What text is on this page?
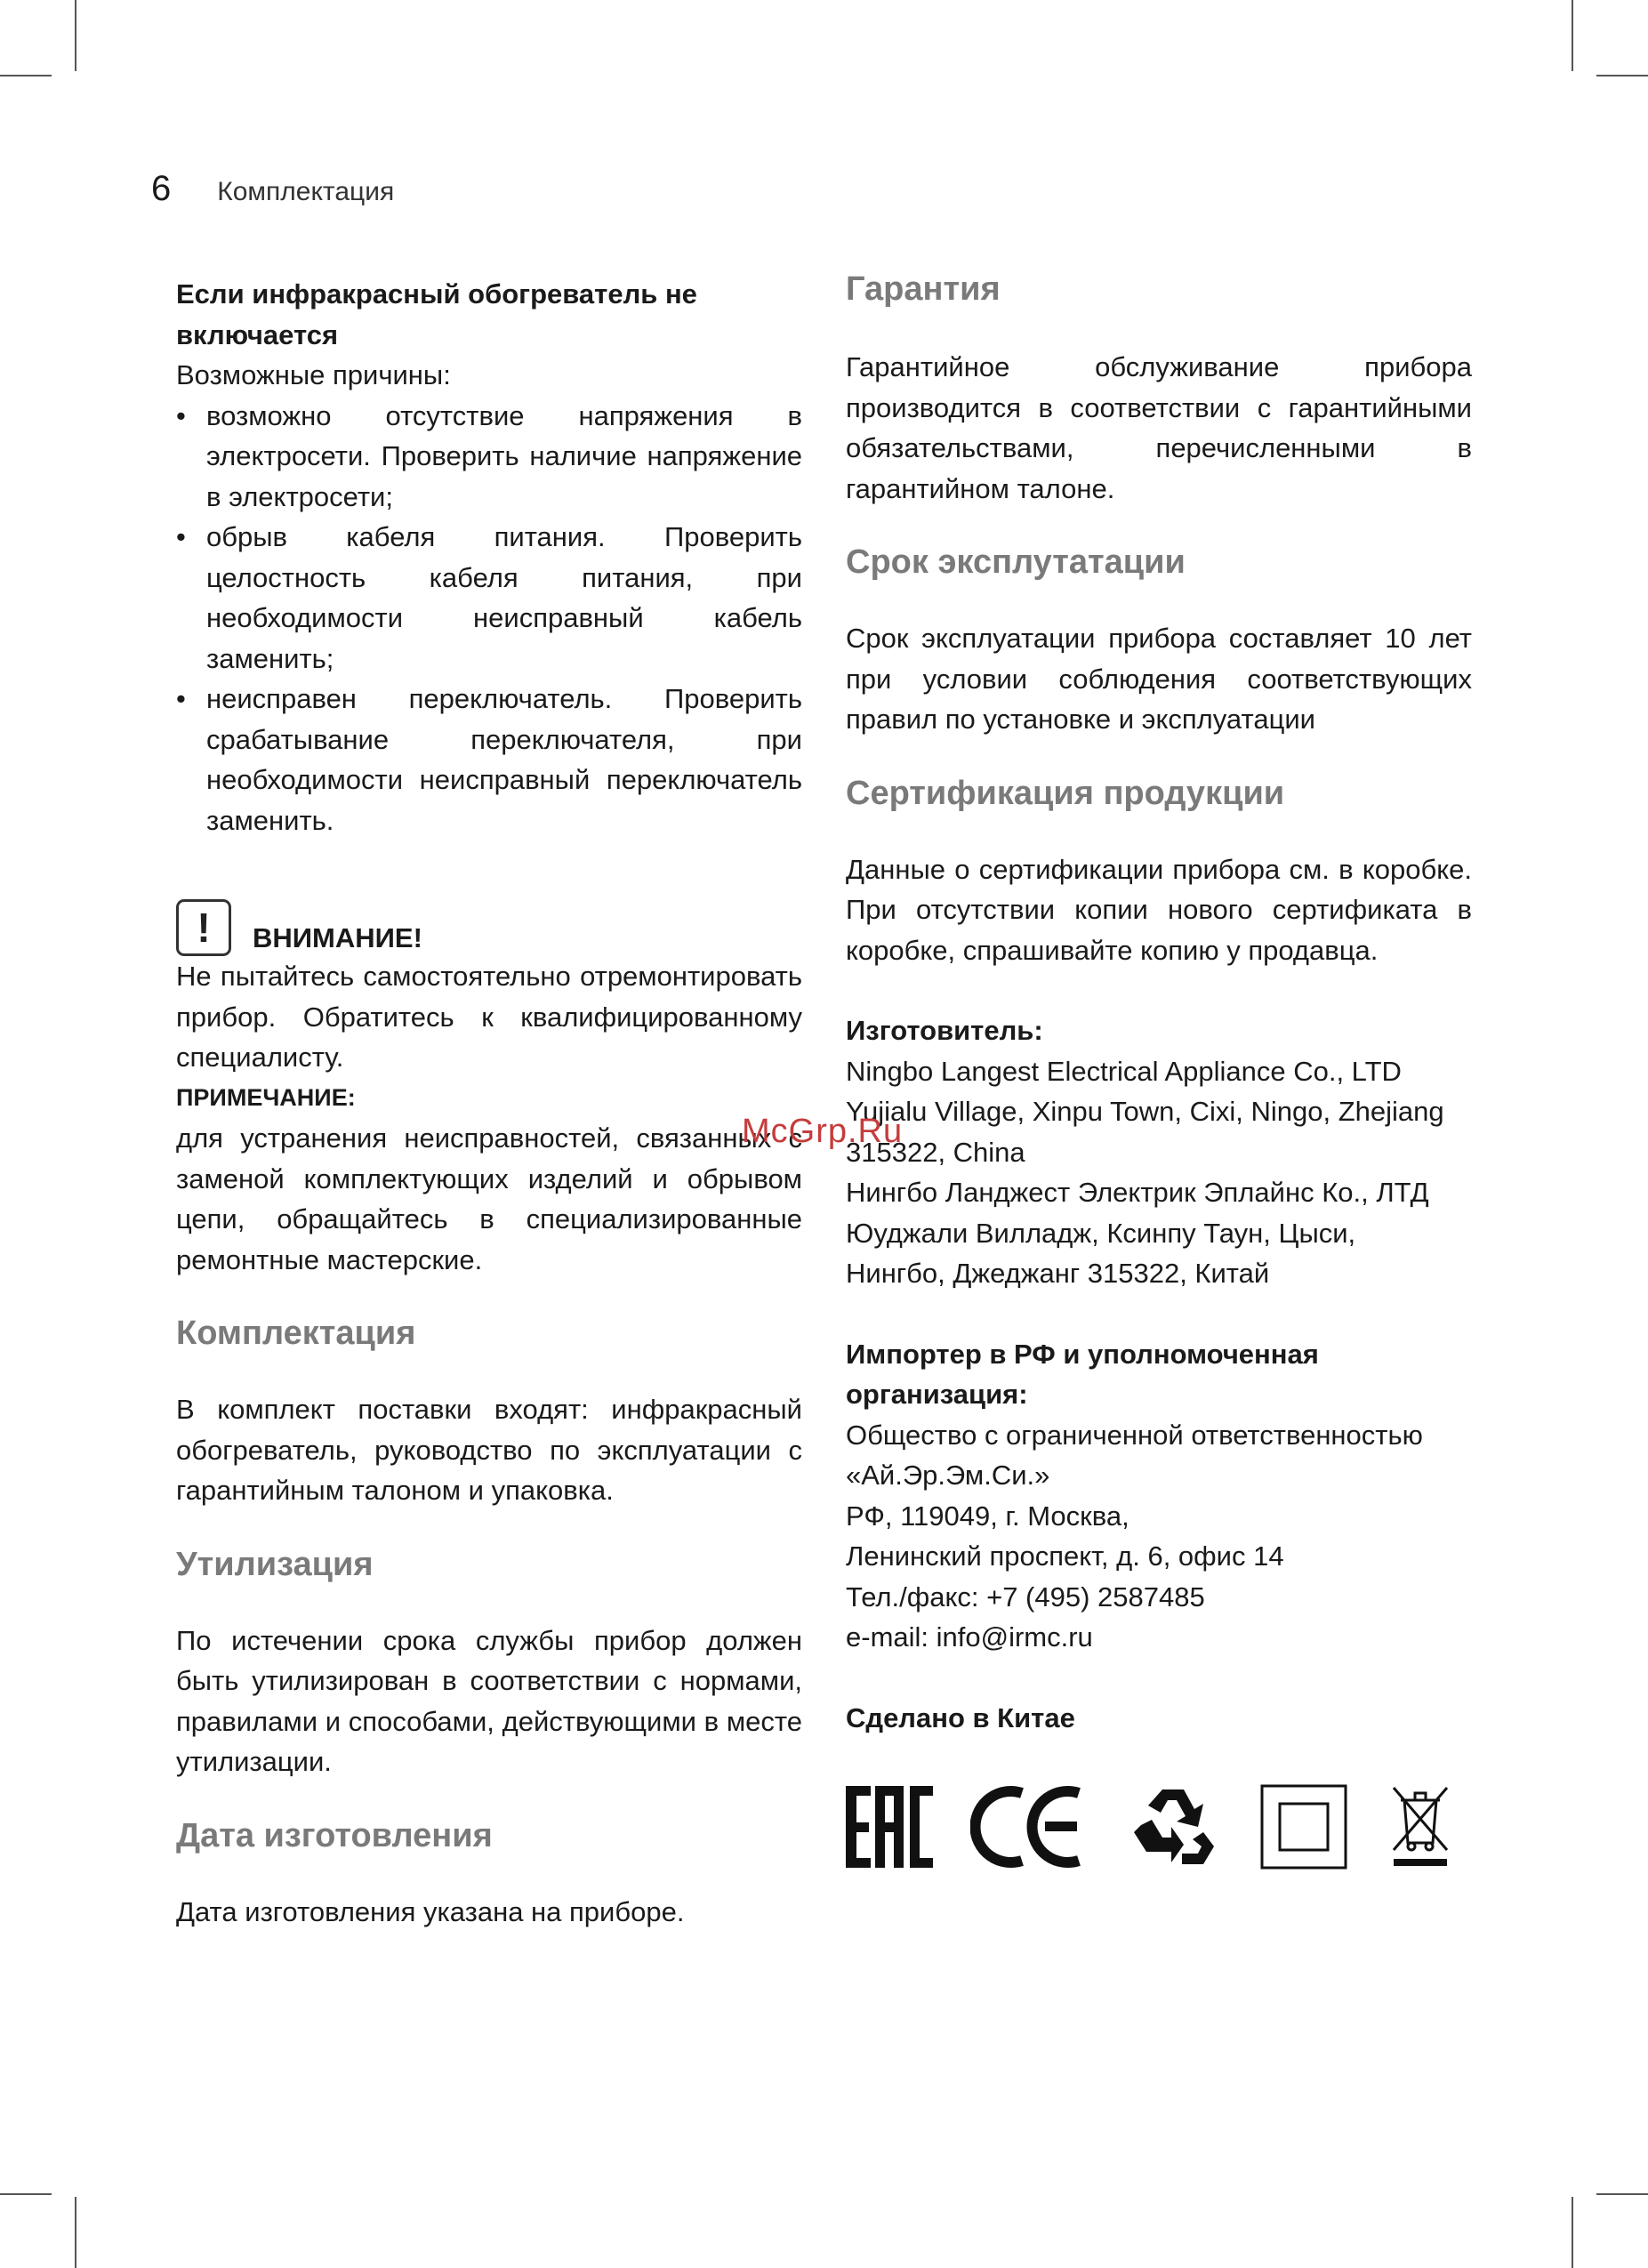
6 Комплектация

Если инфракрасный обогреватель не включается

Возможные причины:

• возможно отсутствие напряжения в электросети. Проверить наличие напряжение в электросети;
• обрыв кабеля питания. Проверить целостность кабеля питания, при необходимости неисправный кабель заменить;
• неисправен переключатель. Проверить срабатывание переключателя, при необходимости неисправный переключатель заменить.
!	ВНИМАНИЕ!

Не пытайтесь самостоятельно отремонтировать прибор. Обратитесь к квалифицированному специалисту.

ПРИМЕЧАНИЕ:

для устранения неисправностей, связанных с заменой комплектующих изделий и обрывом цепи, обращайтесь в специализированные ремонтные мастерские.

Комплектация

В комплект поставки входят: инфракрасный обогреватель, руководство по эксплуатации с гарантийным талоном и упаковка.

Утилизация

По истечении срока службы прибор должен быть утилизирован в соответствии с нормами, правилами и способами, действующими в месте утилизации.

Дата изготовления

Дата изготовления указана на приборе.

Гарантия

Гарантийное обслуживание прибора производится в соответствии с гарантийными обязательствами, перечисленными в гарантийном талоне.

Срок эксплутатации

Срок эксплуатации прибора составляет 10 лет при условии соблюдения соответствующих правил по установке и эксплуатации

Сертификация продукции

Данные о сертификации прибора см. в коробке. При отсутствии копии нового сертификата в коробке, спрашивайте копию у продавца.

Изготовитель:

Ningbo Langest Electrical Appliance Co., LTD

Yujialu Village, Xinpu Town, Cixi, Ningo, Zhejiang

315322, China

Нингбо Ланджест Электрик Эплайнс Ко., ЛТД

Юуджали Вилладж, Ксинпу Таун, Цыси,

Нингбо, Джеджанг 315322, Китай

Импортер в РФ и уполномоченная организация:

Общество с ограниченной ответственностью

«Ай.Эр.Эм.Си.»

РФ, 119049, г. Москва,

Ленинский проспект, д. 6, офис 14

Тел./факс: +7 (495) 2587485

e-mail: info@irmc.ru

Сделано в Китае

McGrp.Ru
